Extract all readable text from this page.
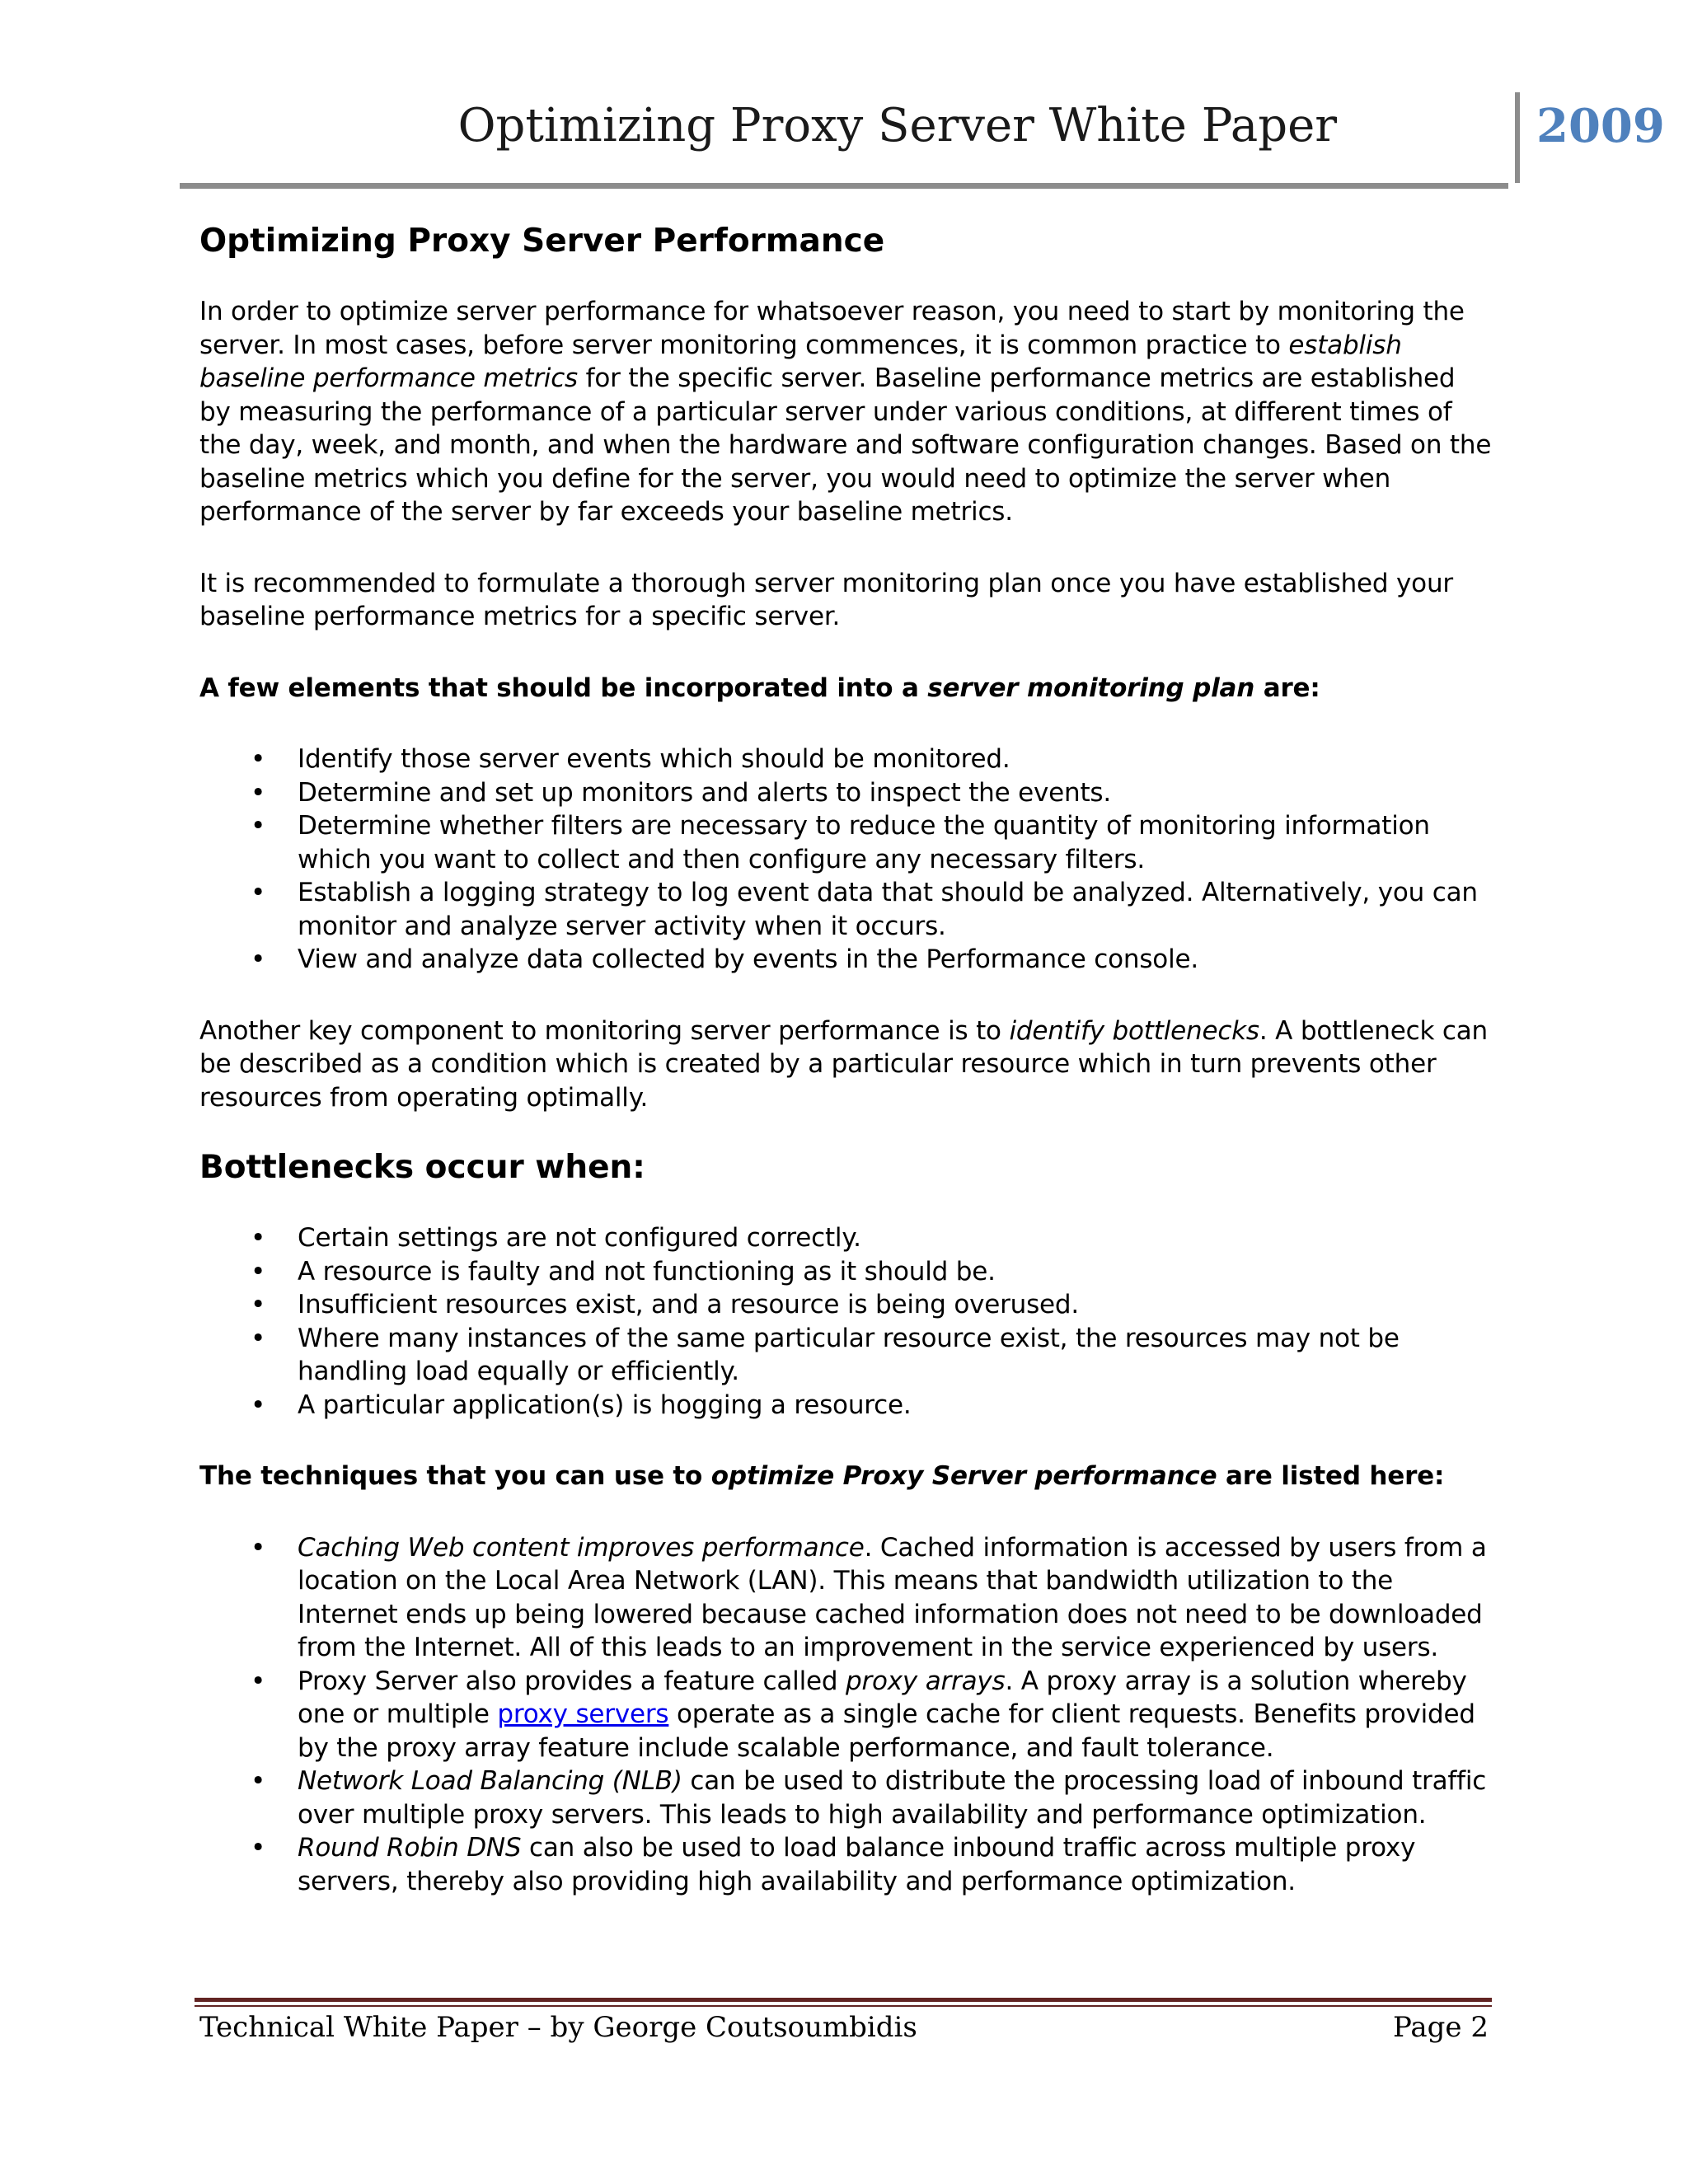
Optimizing Proxy Server White Paper	2009
Optimizing Proxy Server Performance

In order to optimize server performance for whatsoever reason, you need to start by monitoring the server. In most cases, before server monitoring commences, it is common practice to establish baseline performance metrics for the specific server. Baseline performance metrics are established by measuring the performance of a particular server under various conditions, at different times of the day, week, and month, and when the hardware and software configuration changes. Based on the baseline metrics which you define for the server, you would need to optimize the server when performance of the server by far exceeds your baseline metrics.

It is recommended to formulate a thorough server monitoring plan once you have established your baseline performance metrics for a specific server.

A few elements that should be incorporated into a server monitoring plan are:

• Identify those server events which should be monitored.
• Determine and set up monitors and alerts to inspect the events.
• Determine whether filters are necessary to reduce the quantity of monitoring information which you want to collect and then configure any necessary filters.
• Establish a logging strategy to log event data that should be analyzed. Alternatively, you can monitor and analyze server activity when it occurs.
• View and analyze data collected by events in the Performance console.

Another key component to monitoring server performance is to identify bottlenecks. A bottleneck can be described as a condition which is created by a particular resource which in turn prevents other resources from operating optimally.

Bottlenecks occur when:
• Certain settings are not configured correctly.
• A resource is faulty and not functioning as it should be.
• Insufficient resources exist, and a resource is being overused.
• Where many instances of the same particular resource exist, the resources may not be handling load equally or efficiently.
• A particular application(s) is hogging a resource.

The techniques that you can use to optimize Proxy Server performance are listed here:

• Caching Web content improves performance. Cached information is accessed by users from a location on the Local Area Network (LAN). This means that bandwidth utilization to the Internet ends up being lowered because cached information does not need to be downloaded from the Internet. All of this leads to an improvement in the service experienced by users.
• Proxy Server also provides a feature called proxy arrays. A proxy array is a solution whereby one or multiple proxy servers operate as a single cache for client requests. Benefits provided by the proxy array feature include scalable performance, and fault tolerance.
• Network Load Balancing (NLB) can be used to distribute the processing load of inbound traffic over multiple proxy servers. This leads to high availability and performance optimization.
• Round Robin DNS can also be used to load balance inbound traffic across multiple proxy servers, thereby also providing high availability and performance optimization.
Technical White Paper – by George Coutsoumbidis	Page 2
